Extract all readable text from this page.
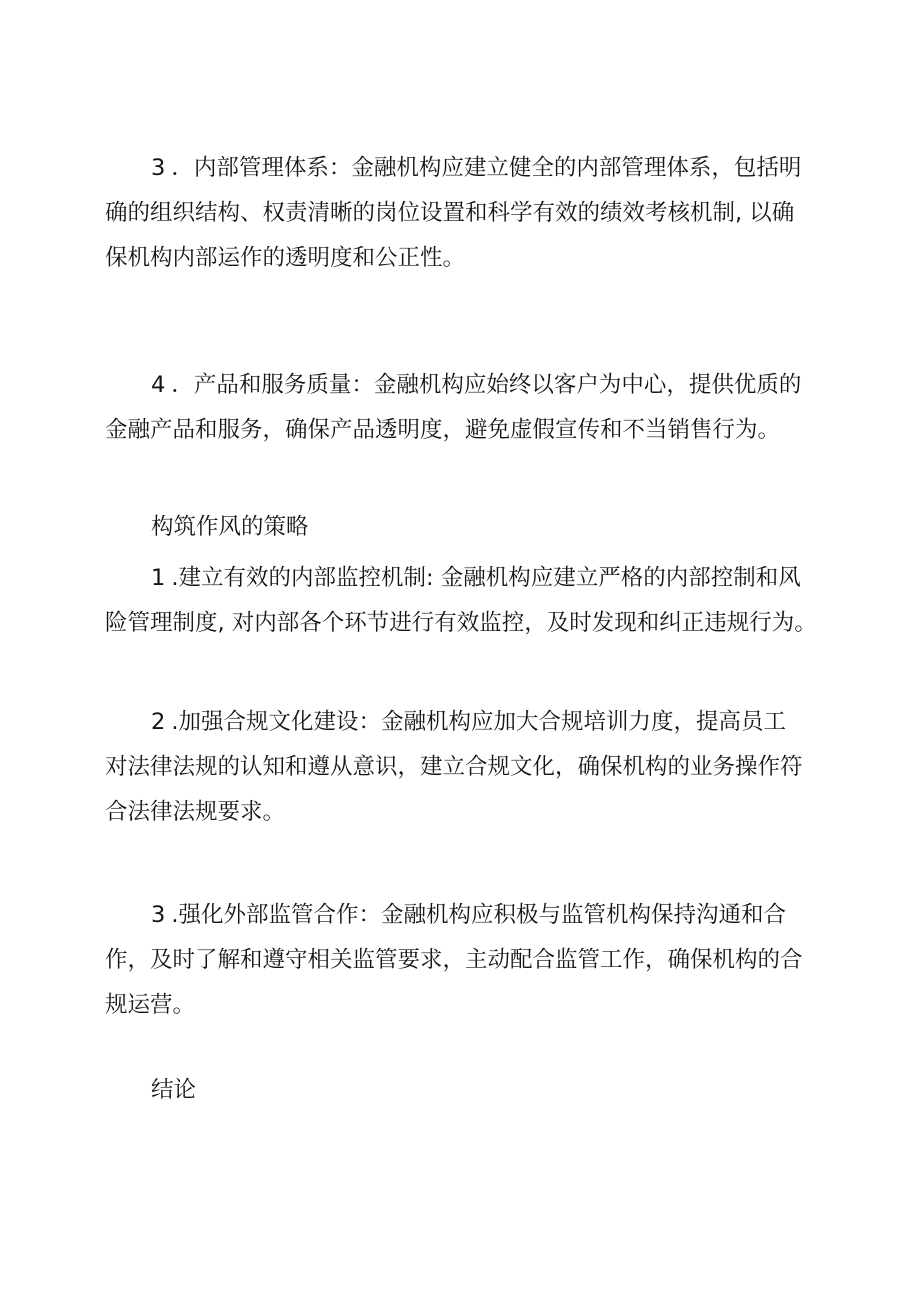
3．内部管理体系：金融机构应建立健全的内部管理体系，包括明
确的组织结构、权责清晰的岗位设置和科学有效的绩效考核机制, 以确
保机构内部运作的透明度和公正性。
4．产品和服务质量：金融机构应始终以客户为中心，提供优质的
金融产品和服务，确保产品透明度，避免虚假宣传和不当销售行为。
构筑作风的策略
1.建立有效的内部监控机制: 金融机构应建立严格的内部控制和风
险管理制度, 对内部各个环节进行有效监控，及时发现和纠正违规行为。
2.加强合规文化建设：金融机构应加大合规培训力度，提高员工
对法律法规的认知和遵从意识，建立合规文化，确保机构的业务操作符
合法律法规要求。
3.强化外部监管合作：金融机构应积极与监管机构保持沟通和合
作，及时了解和遵守相关监管要求，主动配合监管工作，确保机构的合
规运营。
结论
